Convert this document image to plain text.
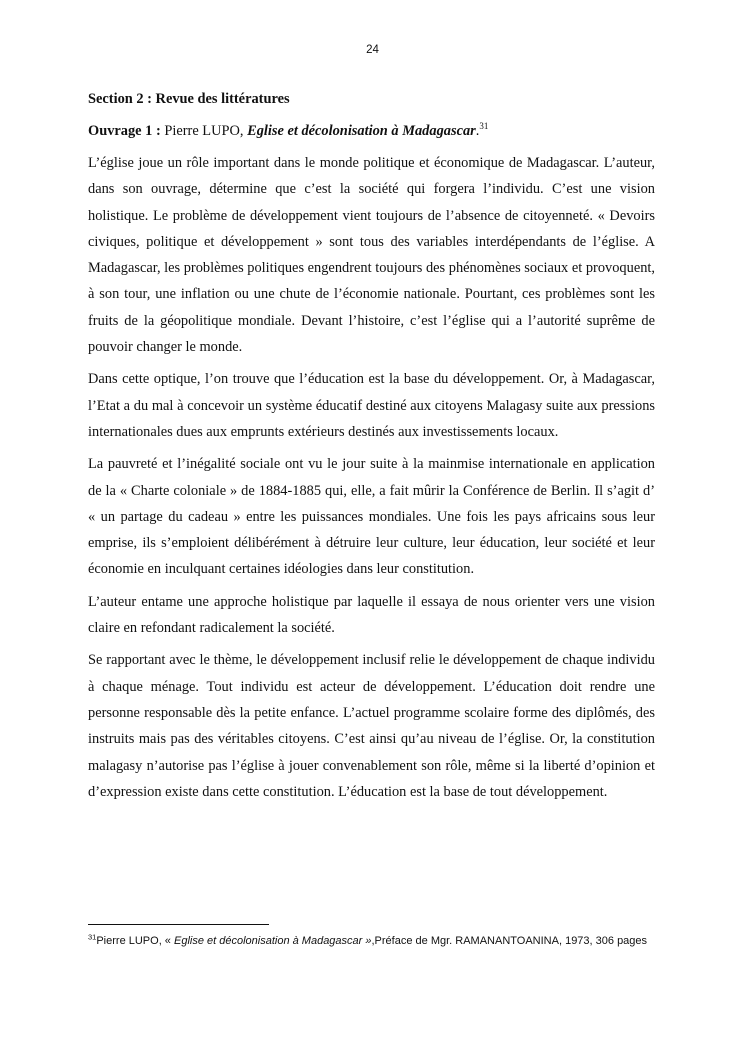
24

Section 2 : Revue des littératures

Ouvrage 1 : Pierre LUPO, Eglise et décolonisation à Madagascar.$^{31}$

L’église joue un rôle important dans le monde politique et économique de Madagascar. L’auteur, dans son ouvrage, détermine que c’est la société qui forgera l’individu. C’est une vision holistique. Le problème de développement vient toujours de l’absence de citoyenneté. « Devoirs civiques, politique et développement » sont tous des variables interdépendants de l’église. A Madagascar, les problèmes politiques engendrent toujours des phénomènes sociaux et provoquent, à son tour, une inflation ou une chute de l’économie nationale. Pourtant, ces problèmes sont les fruits de la géopolitique mondiale. Devant l’histoire, c’est l’église qui a l’autorité suprême de pouvoir changer le monde.

Dans cette optique, l’on trouve que l’éducation est la base du développement. Or, à Madagascar, l’Etat a du mal à concevoir un système éducatif destiné aux citoyens Malagasy suite aux pressions internationales dues aux emprunts extérieurs destinés aux investissements locaux.

La pauvreté et l’inégalité sociale ont vu le jour suite à la mainmise internationale en application de la « Charte coloniale » de 1884-1885 qui, elle, a fait mûrir la Conférence de Berlin. Il s’agit d’ « un partage du cadeau » entre les puissances mondiales. Une fois les pays africains sous leur emprise, ils s’emploient délibérément à détruire leur culture, leur éducation, leur société et leur économie en inculquant certaines idéologies dans leur constitution.

L’auteur entame une approche holistique par laquelle il essaya de nous orienter vers une vision claire en refondant radicalement la société.

Se rapportant avec le thème, le développement inclusif relie le développement de chaque individu à chaque ménage. Tout individu est acteur de développement. L’éducation doit rendre une personne responsable dès la petite enfance. L’actuel programme scolaire forme des diplômés, des instruits mais pas des véritables citoyens. C’est ainsi qu’au niveau de l’église. Or, la constitution malagasy n’autorise pas l’église à jouer convenablement son rôle, même si la liberté d’opinion et d’expression existe dans cette constitution. L’éducation est la base de tout développement.

$^{31}$Pierre LUPO, « Eglise et décolonisation à Madagascar »,Préface de Mgr. RAMANANTOANINA, 1973, 306 pages
